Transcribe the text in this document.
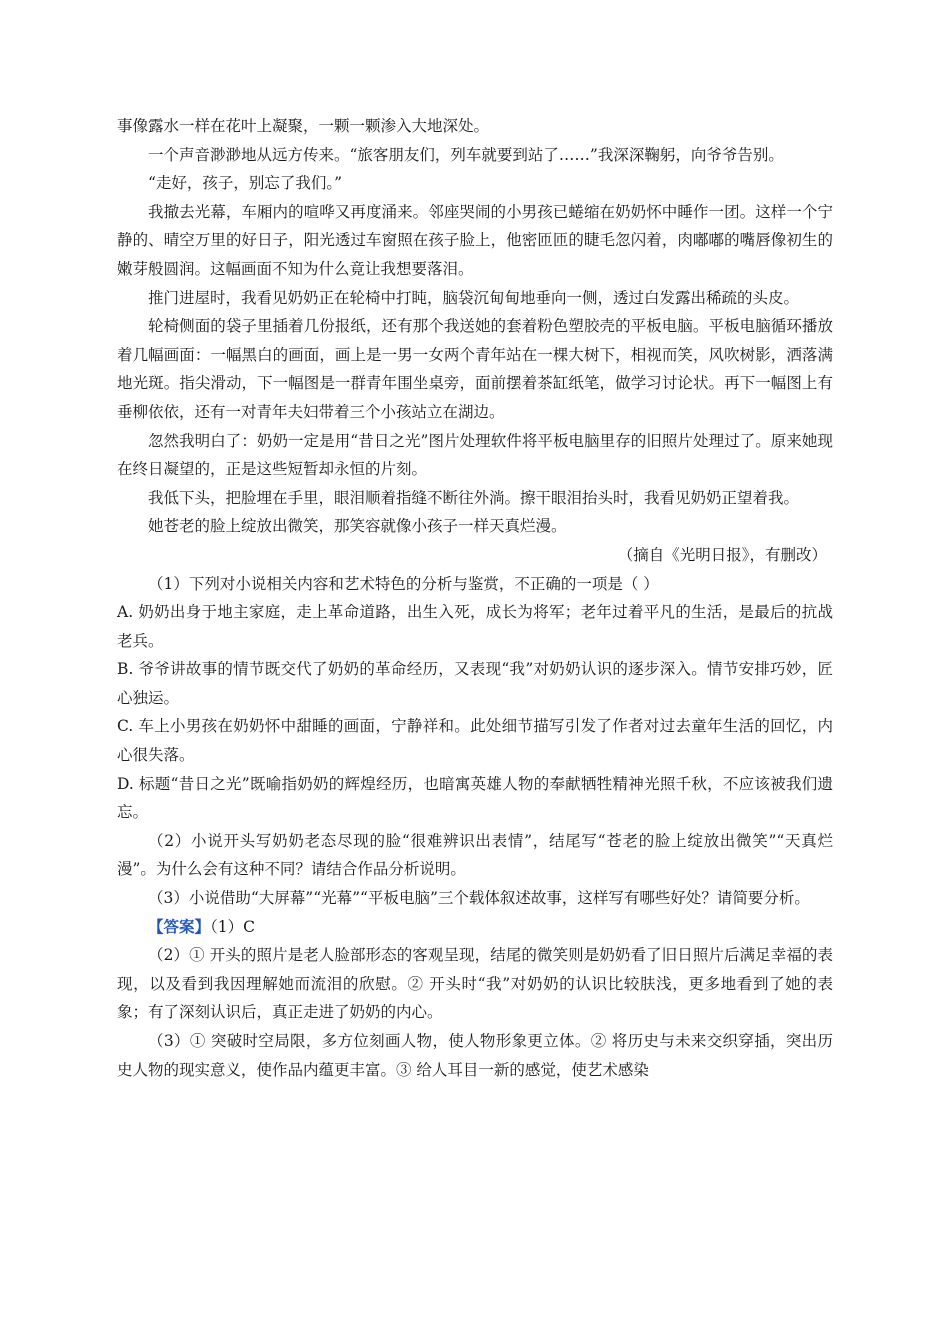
事像露水一样在花叶上凝聚，一颗一颗渗入大地深处。

一个声音渺渺地从远方传来。“旅客朋友们，列车就要到站了……”我深深鞠躬，向爷爷告别。

“走好，孩子，别忘了我们。”

我撤去光幕，车厢内的喧哗又再度涌来。邻座哭闹的小男孩已蜷缩在奶奶怀中睡作一团。这样一个宁静的、晴空万里的好日子，阳光透过车窗照在孩子脸上，他密匝匝的睫毛忽闪着，肉嘟嘟的嘴唇像初生的嫩芽般圆润。这幅画面不知为什么竟让我想要落泪。

推门进屋时，我看见奶奶正在轮椅中打盹，脑袋沉甸甸地垂向一侧，透过白发露出稀疏的头皮。

轮椅侧面的袋子里插着几份报纸，还有那个我送她的套着粉色塑胶壳的平板电脑。平板电脑循环播放着几幅画面：一幅黑白的画面，画上是一男一女两个青年站在一棵大树下，相视而笑，风吹树影，洒落满地光斑。指尖滑动，下一幅图是一群青年围坐桌旁，面前摆着茶缸纸笔，做学习讨论状。再下一幅图上有垂柳依依，还有一对青年夫妇带着三个小孩站立在湖边。

忽然我明白了：奶奶一定是用“昔日之光”图片处理软件将平板电脑里存的旧照片处理过了。原来她现在终日凝望的，正是这些短暂却永恒的片刻。

我低下头，把脸埋在手里，眼泪顺着指缝不断往外淌。擦干眼泪抬头时，我看见奶奶正望着我。

她苍老的脸上绽放出微笑，那笑容就像小孩子一样天真烂漫。

（摘自《光明日报》，有删改）

（1）下列对小说相关内容和艺术特色的分析与鉴赏，不正确的一项是（ ）

A. 奶奶出身于地主家庭，走上革命道路，出生入死，成长为将军；老年过着平凡的生活，是最后的抗战老兵。

B. 爷爷讲故事的情节既交代了奶奶的革命经历，又表现“我”对奶奶认识的逐步深入。情节安排巧妙，匠心独运。

C. 车上小男孩在奶奶怀中甜睡的画面，宁静祥和。此处细节描写引发了作者对过去童年生活的回忆，内心很失落。

D. 标题“昔日之光”既喻指奶奶的辉煌经历，也暗寓英雄人物的奉献牺牲精神光照千秋，不应该被我们遗忘。

（2）小说开头写奶奶老态尽现的脸“很难辨识出表情”，结尾写“苍老的脸上绽放出微笑”“天真烂漫”。为什么会有这种不同？请结合作品分析说明。

（3）小说借助“大屏幕”“光幕”“平板电脑”三个载体叙述故事，这样写有哪些好处？请简要分析。

【答案】（1）C

（2）① 开头的照片是老人脸部形态的客观呈现，结尾的微笑则是奶奶看了旧日照片后满足幸福的表现，以及看到我因理解她而流泪的欣慰。② 开头时“我”对奶奶的认识比较肤浅，更多地看到了她的表象；有了深刻认识后，真正走进了奶奶的内心。

（3）① 突破时空局限，多方位刻画人物，使人物形象更立体。② 将历史与未来交织穿插，突出历史人物的现实意义，使作品内蕴更丰富。③ 给人耳目一新的感觉，使艺术感染
